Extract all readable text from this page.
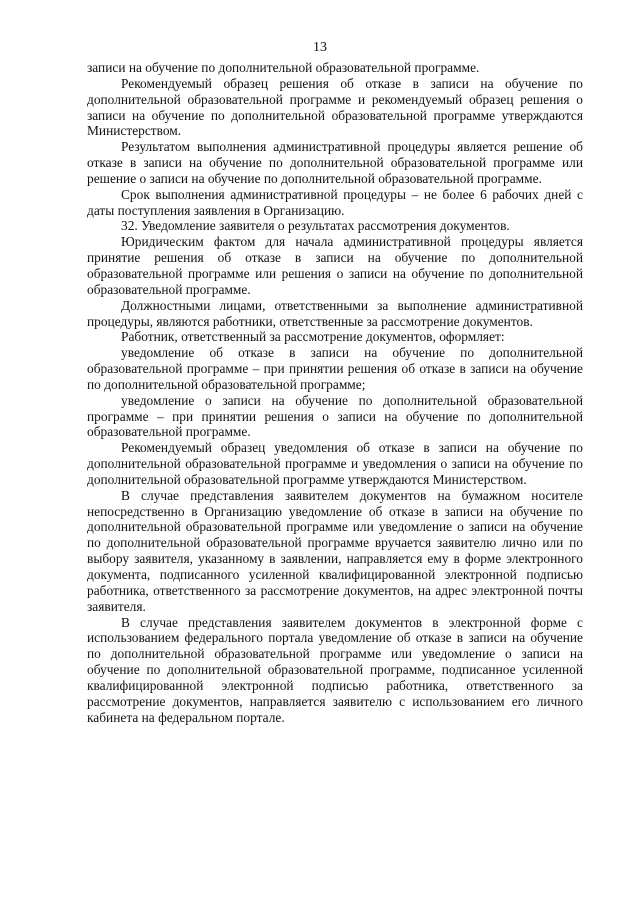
13

записи на обучение по дополнительной образовательной программе.

Рекомендуемый образец решения об отказе в записи на обучение по дополнительной образовательной программе и рекомендуемый образец решения о записи на обучение по дополнительной образовательной программе утверждаются Министерством.

Результатом выполнения административной процедуры является решение об отказе в записи на обучение по дополнительной образовательной программе или решение о записи на обучение по дополнительной образовательной программе.

Срок выполнения административной процедуры – не более 6 рабочих дней с даты поступления заявления в Организацию.

32. Уведомление заявителя о результатах рассмотрения документов.

Юридическим фактом для начала административной процедуры является принятие решения об отказе в записи на обучение по дополнительной образовательной программе или решения о записи на обучение по дополнительной образовательной программе.

Должностными лицами, ответственными за выполнение административной процедуры, являются работники, ответственные за рассмотрение документов.

Работник, ответственный за рассмотрение документов, оформляет:

уведомление об отказе в записи на обучение по дополнительной образовательной программе – при принятии решения об отказе в записи на обучение по дополнительной образовательной программе;

уведомление о записи на обучение по дополнительной образовательной программе – при принятии решения о записи на обучение по дополнительной образовательной программе.

Рекомендуемый образец уведомления об отказе в записи на обучение по дополнительной образовательной программе и уведомления о записи на обучение по дополнительной образовательной программе утверждаются Министерством.

В случае представления заявителем документов на бумажном носителе непосредственно в Организацию уведомление об отказе в записи на обучение по дополнительной образовательной программе или уведомление о записи на обучение по дополнительной образовательной программе вручается заявителю лично или по выбору заявителя, указанному в заявлении, направляется ему в форме электронного документа, подписанного усиленной квалифицированной электронной подписью работника, ответственного за рассмотрение документов, на адрес электронной почты заявителя.

В случае представления заявителем документов в электронной форме с использованием федерального портала уведомление об отказе в записи на обучение по дополнительной образовательной программе или уведомление о записи на обучение по дополнительной образовательной программе, подписанное усиленной квалифицированной электронной подписью работника, ответственного за рассмотрение документов, направляется заявителю с использованием его личного кабинета на федеральном портале.
